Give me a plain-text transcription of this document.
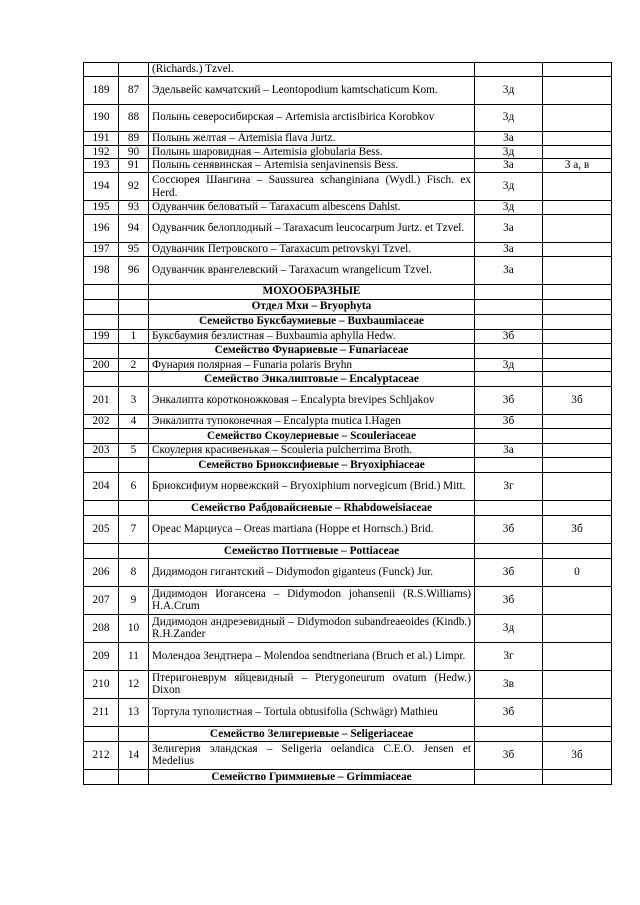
		(Richards.) Tzvel.		
189	87	Эдельвейс камчатский – Leontopodium kamtschaticum Kom.	3д	
190	88	Полынь североcибирская – Artemisia arctisibirica Korobkov	3д	
191	89	Полынь желтая – Artemisia flava Jurtz.	3а	
192	90	Полынь шаровидная – Artemisia globularia Bess.	3д	
193	91	Полынь сенявинская – Artemisia senjavinensis Bess.	3а	3 а, в
194	92	Соссюрея Шангина – Saussurea schanginiana (Wydl.) Fisch. ex Herd.	3д	
195	93	Одуванчик беловатый – Taraxacum albescens Dahlst.	3д	
196	94	Одуванчик белоплодный – Taraxacum leucocarpum Jurtz. et Tzvel.	3а	
197	95	Одуванчик Петровского – Taraxacum petrovskyi Tzvel.	3а	
198	96	Одуванчик врангелевский – Taraxacum wrangelicum Tzvel.	3а	
		МОХООБРАЗНЫЕ		
		Отдел Мхи – Bryophyta		
		Семейство Буксбаумиевые – Buxbaumiaceae		
199	1	Буксбаумия безлистная – Buxbaumia aphylla Hedw.	3б	
		Семейство Фунариевые – Funariaceae		
200	2	Фунария полярная – Funaria polaris Bryhn	3д	
		Семейство Энкалиптовые – Encalyptaceae		
201	3	Энкалипта коротконожковая – Encalypta brevipes Schljakov	3б	3б
202	4	Энкалипта тупоконечная – Encalypta mutica I.Hagen	3б	
		Семейство Скоулериевые – Scouleriaceae		
203	5	Скоулерия красивенькая – Scouleria pulcherrima Broth.	3а	
		Семейство Бриоксифиевые – Bryoxiphiaceae		
204	6	Бриоксифиум норвежский – Bryoxiphium norvegicum (Brid.) Mitt.	3г	
		Семейство Рабдовайсиевые – Rhabdoweisiaceae		
205	7	Ореас Марциуса – Oreas martiana (Hoppe et Hornsch.) Brid.	3б	3б
		Семейство Поттиевые – Pottiaceae		
206	8	Дидимодон гигантский – Didymodon giganteus (Funck) Jur.	3б	0
207	9	Дидимодон Иогансена – Didymodon johansenii (R.S.Williams) H.A.Crum	3б	
208	10	Дидимодон андреэевидный – Didymodon subandreaeoides (Kindb.) R.H.Zander	3д	
209	11	Молендоа Зендтнера – Molendoa sendtneriana (Bruch et al.) Limpr.	3г	
210	12	Птеригоневрум яйцевидный – Pterygoneurum ovatum (Hedw.) Dixon	3в	
211	13	Тортула туполистная – Tortula obtusifolia (Schwägr) Mathieu	3б	
		Семейство Зелигериевые – Seligeriaceae		
212	14	Зелигерия эландская – Seligeria oelandica C.E.O. Jensen et Medelius	3б	3б
		Семейство Гриммиевые – Grimmiaceae		
